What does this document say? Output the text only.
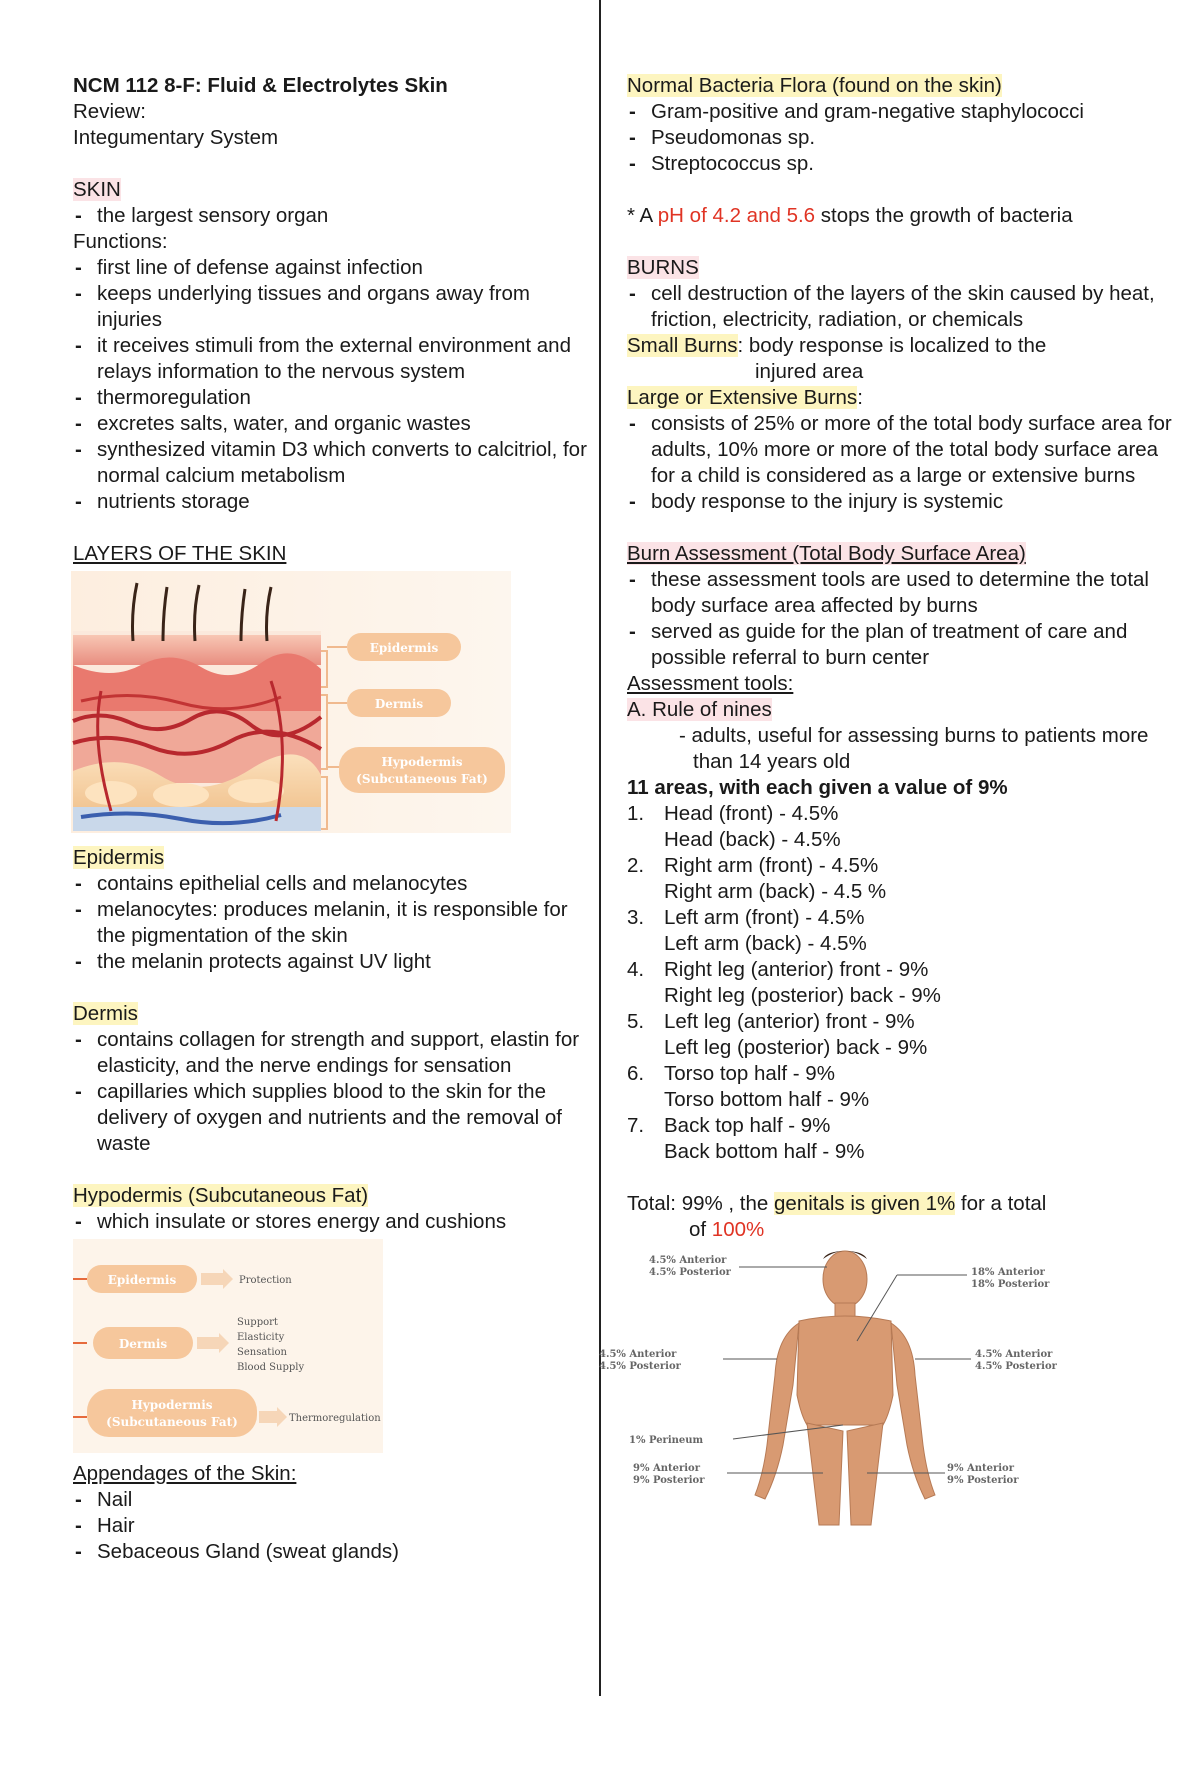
NCM 112 8-F: Fluid & Electrolytes Skin
Review:
Integumentary System
SKIN
- the largest sensory organ
Functions:
- first line of defense against infection
- keeps underlying tissues and organs away from injuries
- it receives stimuli from the external environment and relays information to the nervous system
- thermoregulation
- excretes salts, water, and organic wastes
- synthesized vitamin D3 which converts to calcitriol, for normal calcium metabolism
- nutrients storage
LAYERS OF THE SKIN
Epidermis
Dermis
Hypodermis
(Subcutaneous Fat)
Epidermis
- contains epithelial cells and melanocytes
- melanocytes: produces melanin, it is responsible for the pigmentation of the skin
- the melanin protects against UV light
Dermis
- contains collagen for strength and support, elastin for elasticity, and the nerve endings for sensation
- capillaries which supplies blood to the skin for the delivery of oxygen and nutrients and the removal of waste
Hypodermis (Subcutaneous Fat)
- which insulate or stores energy and cushions
Epidermis	Protection
Dermis
Support
Elasticity
Sensation
Blood Supply
Hypodermis
(Subcutaneous Fat)	Thermoregulation
Appendages of the Skin:
- Nail
- Hair
- Sebaceous Gland (sweat glands)
Normal Bacteria Flora (found on the skin)
- Gram-positive and gram-negative staphylococci
- Pseudomonas sp.
- Streptococcus sp.
* A pH of 4.2 and 5.6 stops the growth of bacteria
BURNS
- cell destruction of the layers of the skin caused by heat, friction, electricity, radiation, or chemicals
Small Burns: body response is localized to the
injured area
Large or Extensive Burns:
- consists of 25% or more of the total body surface area for adults, 10% more or more of the total body surface area for a child is considered as a large or extensive burns
- body response to the injury is systemic
Burn Assessment (Total Body Surface Area)
- these assessment tools are used to determine the total body surface area affected by burns
- served as guide for the plan of treatment of care and possible referral to burn center
Assessment tools:
A. Rule of nines
- adults, useful for assessing burns to patients more than 14 years old
11 areas, with each given a value of 9%
1. Head (front) - 4.5%
Head (back) - 4.5%
2. Right arm (front) - 4.5%
Right arm (back) - 4.5 %
3. Left arm (front) - 4.5%
Left arm (back) - 4.5%
4. Right leg (anterior) front - 9%
Right leg (posterior) back - 9%
5. Left leg (anterior) front - 9%
Left leg (posterior) back - 9%
6. Torso top half - 9%
Torso bottom half - 9%
7. Back top half - 9%
Back bottom half - 9%
Total: 99% , the genitals is given 1% for a total
of 100%
4.5% Anterior
4.5% Posterior	18% Anterior
18% Posterior
4.5% Anterior
4.5% Posterior
4.5% Anterior
4.5% Posterior
1% Perineum
9% Anterior
9% Posterior
9% Anterior
9% Posterior
